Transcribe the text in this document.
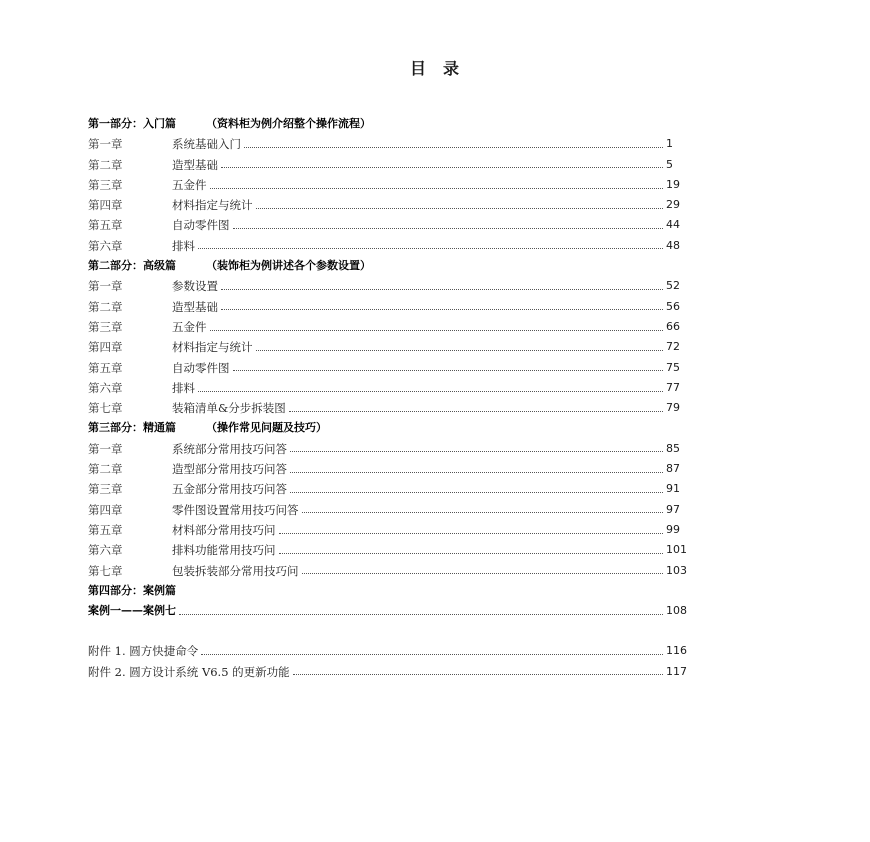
目 录
第一部分：入门篇	（资料柜为例介绍整个操作流程）
第一章	系统基础入门	1
第二章	造型基础	5
第三章	五金件	19
第四章	材料指定与统计	29
第五章	自动零件图	44
第六章	排料	48
第二部分：高级篇	（装饰柜为例讲述各个参数设置）
第一章	参数设置	52
第二章	造型基础	56
第三章	五金件	66
第四章	材料指定与统计	72
第五章	自动零件图	75
第六章	排料	77
第七章	装箱清单&分步拆装图	79
第三部分：精通篇	（操作常见问题及技巧）
第一章	系统部分常用技巧问答	85
第二章	造型部分常用技巧问答	87
第三章	五金部分常用技巧问答	91
第四章	零件图设置常用技巧问答	97
第五章	材料部分常用技巧问	99
第六章	排料功能常用技巧问	101
第七章	包装拆装部分常用技巧问	103
第四部分：案例篇
案例一——案例七	108
附件 1. 圆方快捷命令	116
附件 2. 圆方设计系统 V6.5 的更新功能	117
